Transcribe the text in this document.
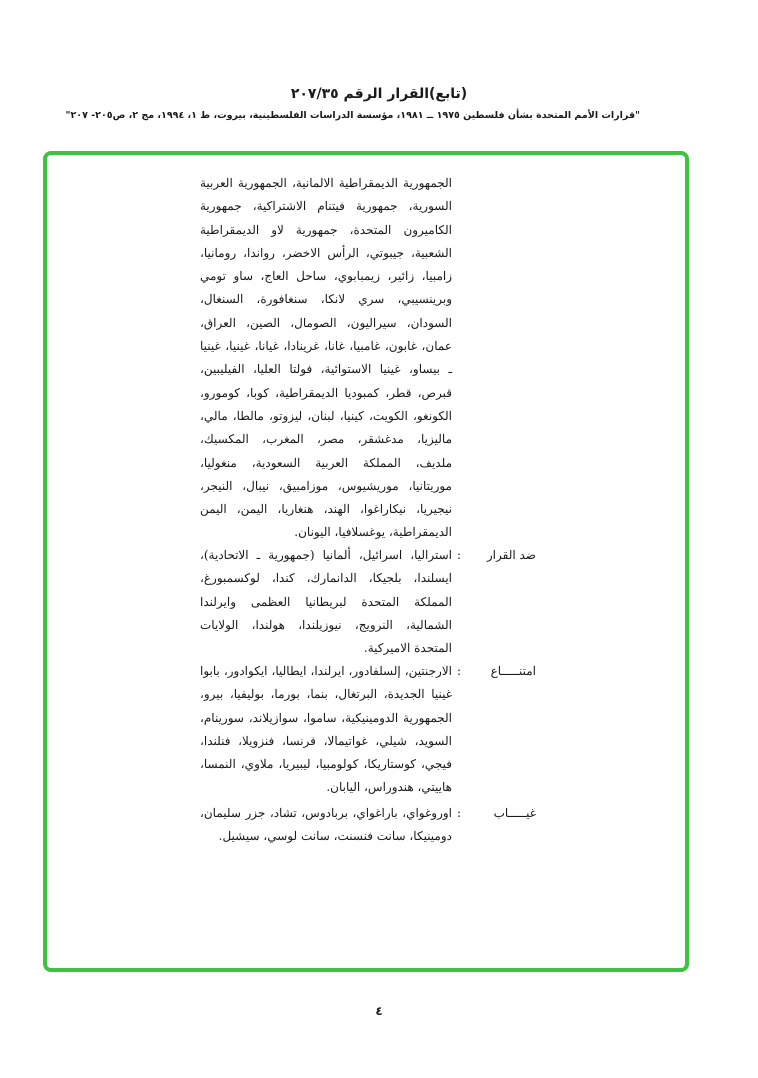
(تابع)القرار الرقم ٢٠٧/٣٥
"قرارات الأمم المتحدة بشأن فلسطين ١٩٧٥ ــ ١٩٨١، مؤسسة الدراسات الفلسطينية، بيروت، ط ١، ١٩٩٤، مج ٢، ص٢٠٥- ٢٠٧"
الجمهورية الديمقراطية الالمانية، الجمهورية العربية السورية، جمهورية فيتنام الاشتراكية، جمهورية الكاميرون المتحدة، جمهورية لاو الديمقراطية الشعبية، جيبوتي، الرأس الاخضر، رواندا، رومانيا، زامبيا، زائير، زيمبابوي، ساحل العاج، ساو تومي وبرينسيبي، سري لانكا، سنغافورة، السنغال، السودان، سيراليون، الصومال، الصين، العراق، عمان، غابون، غامبيا، غانا، غرينادا، غيانا، غينيا، غينيا ـ بيساو، غينيا الاستوائية، فولتا العليا، الفيليبين، قبرص، قطر، كمبوديا الديمقراطية، كوبا، كومورو، الكونغو، الكويت، كينيا، لبنان، ليزوتو، مالطا، مالي، ماليزيا، مدغشقر، مصر، المغرب، المكسيك، ملديف، المملكة العربية السعودية، منغوليا، موريتانيا، موريشيوس، موزامبيق، نيبال، النيجر، نيجيريا، نيكاراغوا، الهند، هنغاريا، اليمن، اليمن الديمقراطية، يوغسلافيا، اليونان.
ضد القرار
:
استراليا، اسرائيل، ألمانيا (جمهورية ـ الاتحادية)، ايسلندا، بلجيكا، الدانمارك، كندا، لوكسمبورغ، المملكة المتحدة لبريطانيا العظمى وايرلندا الشمالية، النرويج، نيوزيلندا، هولندا، الولايات المتحدة الاميركية.
امتنـــــاع
:
الارجنتين، إلسلفادور، ايرلندا، ايطاليا، ايكوادور، بابوا غينيا الجديدة، البرتغال، بنما، بورما، بوليفيا، بيرو، الجمهورية الدومينيكية، ساموا، سوازيلاند، سورينام، السويد، شيلي، غواتيمالا، فرنسا، فنزويلا، فنلندا، فيجي، كوستاريكا، كولومبيا، ليبيريا، ملاوي، النمسا، هاييتي، هندوراس، اليابان.
غيـــــاب
:
اوروغواي، باراغواي، بربادوس، تشاد، جزر سليمان، دومينيكا، سانت فنسنت، سانت لوسي، سيشيل.
٤
